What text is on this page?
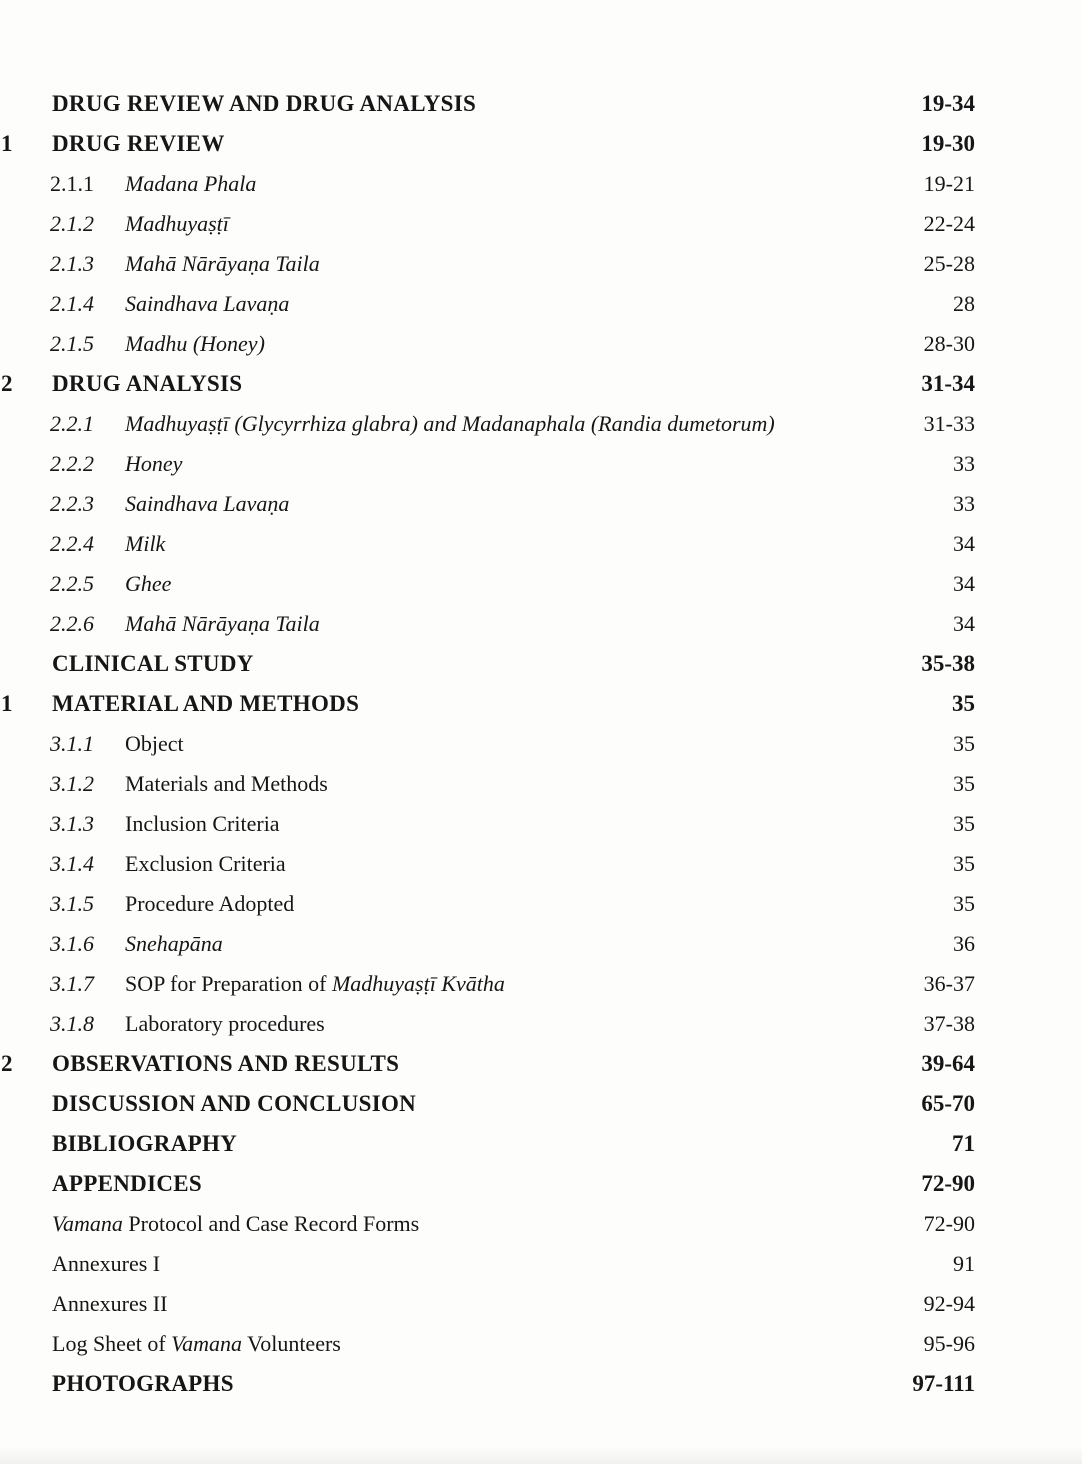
DRUG REVIEW AND DRUG ANALYSIS	19-34
1 DRUG REVIEW	19-30
2.1.1 Madana Phala	19-21
2.1.2 Madhuyaṣṭī	22-24
2.1.3 Mahā Nārāyaṇa Taila	25-28
2.1.4 Saindhava Lavaṇa	28
2.1.5 Madhu (Honey)	28-30
2 DRUG ANALYSIS	31-34
2.2.1 Madhuyaṣṭī (Glycyrrhiza glabra) and Madanaphala (Randia dumetorum)	31-33
2.2.2 Honey	33
2.2.3 Saindhava Lavaṇa	33
2.2.4 Milk	34
2.2.5 Ghee	34
2.2.6 Mahā Nārāyaṇa Taila	34
CLINICAL STUDY	35-38
1 MATERIAL AND METHODS	35
3.1.1 Object	35
3.1.2 Materials and Methods	35
3.1.3 Inclusion Criteria	35
3.1.4 Exclusion Criteria	35
3.1.5 Procedure Adopted	35
3.1.6 Snehapāna	36
3.1.7 SOP for Preparation of Madhuyaṣṭī Kvātha	36-37
3.1.8 Laboratory procedures	37-38
2 OBSERVATIONS AND RESULTS	39-64
DISCUSSION AND CONCLUSION	65-70
BIBLIOGRAPHY	71
APPENDICES	72-90
Vamana Protocol and Case Record Forms	72-90
Annexures I	91
Annexures II	92-94
Log Sheet of Vamana Volunteers	95-96
PHOTOGRAPHS	97-111
